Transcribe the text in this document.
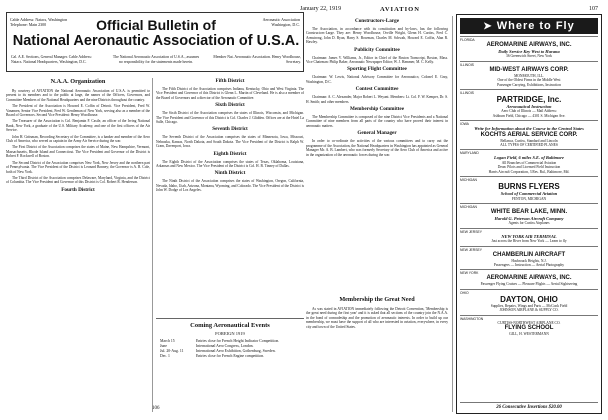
January 22, 1919	AVIATION	107
Cable Address: Natacs, Washington
Telephone: Main 2300	Official Bulletin of
National Aeronautic Association of U.S.A.
Aeronautic Association
Washington, D.C.
Cal. A.E. Sections, General Manager. Cable Address: Natacs. National Headquarters, Washington, D.C.
The National Aeronautic Association of U.S.A., assumes no responsibility for the statements made herein.
Member Nat. Aeronautic Association. Henry Woodhouse, Secretary.
N.A.A. Organization

By courtesy of AVIATION the National Aeronautic Association of U.S.A. is permitted to present to its members and to the public at large, the names of the Officers, Governors, and Committee Members of the National Headquarters and the nine Districts throughout the country.

The President of the Association is Howard E. Coffin of Detroit. Vice President, Fred W. Vanamen, Senior Vice President, Fred W. Gentleman of New York, serving also as a member of the Board of Governors. Second Vice President: Henry Woodhouse.

The Treasurer of the Association is Col. Benjamin F. Castle, an officer of the Irving National Bank, New York, a graduate of the U.S. Military Academy, and one of the first officers of the Air Service.

John H. Gritsman, Recording Secretary of the Committee, is a banker and member of the Aero Club of America, who served as captain in the Army Air Service during the war.

The First District of the Association comprises the states of Maine, New Hampshire, Vermont, Massachusetts, Rhode Island and Connecticut. The Vice President and Governor of the District is Robert F. Rockwell of Boston.

The Second District of the Association comprises New York, New Jersey and the northern part of Pennsylvania. The Vice President of the District is Leonard Bonney; the Governor is A. R. Cole, both of New York.

The Third District of the Association comprises Delaware, Maryland, Virginia, and the District of Columbia. The Vice President and Governor of this District is Col. Robert R. Henderson.

Fourth District
Fifth District

The Fifth District of the Association comprises Indiana, Kentucky, Ohio and West Virginia. The Vice President and Governor of this District is Glenn L. Martin of Cleveland. He is also a member of the Board of Governors and a director of the Aeronautic Committee.

Sixth District

The Sixth District of the Association comprises the states of Illinois, Wisconsin, and Michigan. The Vice President and Governor of this District is Col. Charles J. Glidden. Offices are at the Hotel La Salle, Chicago.

Seventh District

The Seventh District of the Association comprises the states of Minnesota, Iowa, Missouri, Nebraska, Kansas, North Dakota, and South Dakota. The Vice President of the District is Ralph W. Cram, Davenport, Iowa.

Eighth District

The Eighth District of the Association comprises the states of Texas, Oklahoma, Louisiana, Arkansas and New Mexico. The Vice President of the District is Col. H. B. Tinney of Dallas.

Ninth District

The Ninth District of the Association comprises the states of Washington, Oregon, California, Nevada, Idaho, Utah, Arizona, Montana, Wyoming, and Colorado. The Vice President of the District is John W. Dodge of Los Angeles.

Coming Aeronautical Events
FOREIGN 1919
March 15	Entries close for French Height Indicator Competition.
June	International Aero Congress, London.
Jul. 20-Aug. 11	International Aero Exhibition, Gothenburg, Sweden.
Dec. 1	Entries close for French Engine competition.
106
Constructors-Large

The Association, in accordance with its constitution and by-laws, has the following Constructors-Large. They are: Henry Woodhouse, Orville Wright, Glenn H. Curtiss, Fred C. Armstrong, John D. Ryan, Harry S. Bowman, Charles M. Schwab, Howard E. Coffin, Alan R. Hawley.

Publicity Committee

Chairman: James V. Williams, Jr., Editor in Chief of the Boston Transcript, Boston, Mass. Vice Chairman: Philip Baker, Aeronautic Newspaper Editor; W. J. Hammer, M. C. Kelly.

Sporting Flight Committee

Chairman: W. Lewis, National Advisory Committee for Aeronautics; Colonel E. Gray, Washington, D.C.

Contest Committee

Chairman: A. C. Alexander, Major Robert L. Weyant. Members: Lt. Col. F. W. Kemper, Dr. S. H. Smith; and other members.

Membership Committee

The Membership Committee is composed of the nine District Vice Presidents and a National Committee of nine members from all parts of the country who have proved their interest in aeronautic matters.

General Manager

In order to co-ordinate the activities of the various committees and to carry out the programme of the Association, the National Headquarters in Washington has appointed as General Manager Mr. A. B. Lambert, who was formerly Secretary of the Aero Club of America and active in the organization of the aeronautic forces during the war.

Membership the Great Need

As was stated in AVIATION immediately following the Detroit Convention, 'Membership is the great need during the first year' and it is asked that all sections of the country join the N.A.A. in the bond of comradeship and the promotion of aeronautic interests. In order to build up our membership, we must have the support of all who are interested in aviation, everywhere, in every city and town of the United States.

➤ Where to Fly
FLORIDA
AEROMARINE AIRWAYS, INC.
Daily Service Key West to Havana
36 Greenwich Street, New York
ILLINOIS
MID-WEST AIRWAYS CORP.
MONMOUTH, ILL.
One of the Oldest Firms in the Middle West
Passenger Carrying, Exhibitions, Instruction
ILLINOIS
PARTRIDGE, Inc.
Aeronautical Instruction
Aero Club of Illinois — Mail Address:
Ashburn Field, Chicago — 4301 S. Michigan Ave.
IOWA
Write for Information about the Course in the Central States
KOCHTS AERIAL SERVICE CORP.
Bellanca, Curtiss, Standard and Lincoln
ALL TYPES OF CERTIFIED PLANES
MARYLAND
Logan Field, 6 miles S.E. of Baltimore
All Branches of Commercial Aviation
Dean: Pilots and Licensed Field Instruction
Harris Aircraft Corporation, 3 Res. Bal., Baltimore, Md.
MICHIGAN
BURNS FLYERS
School of Commercial Aviation
FENTON, MICHIGAN
MICHIGAN
WHITE BEAR LAKE, MINN.
Harold G. Peterson Aircraft Company
Agents for Curtiss Airplanes
NEW JERSEY
NEW YORK AIR TERMINAL
Just across the River from New York — Learn to fly
NEW JERSEY
CHAMBERLIN AIRCRAFT
Hasbrouck Heights, N.J.
Passengers — Instruction — Aerial Photography
NEW YORK
AEROMARINE AIRWAYS, INC.
Passenger Flying Cruises — Pleasure Flights — Aerial Sightseeing
OHIO
DAYTON, OHIO
Supplies, Repairs, Wings and Parts — McCook Field
JOHNSON AIRPLANE & SUPPLY CO.
WASHINGTON
CURTISS-NORTHWEST AIRPLANE CO.
FLYING SCHOOL
GILL, H. WESTERMANN
26 Consecutive Insertions $20.00
